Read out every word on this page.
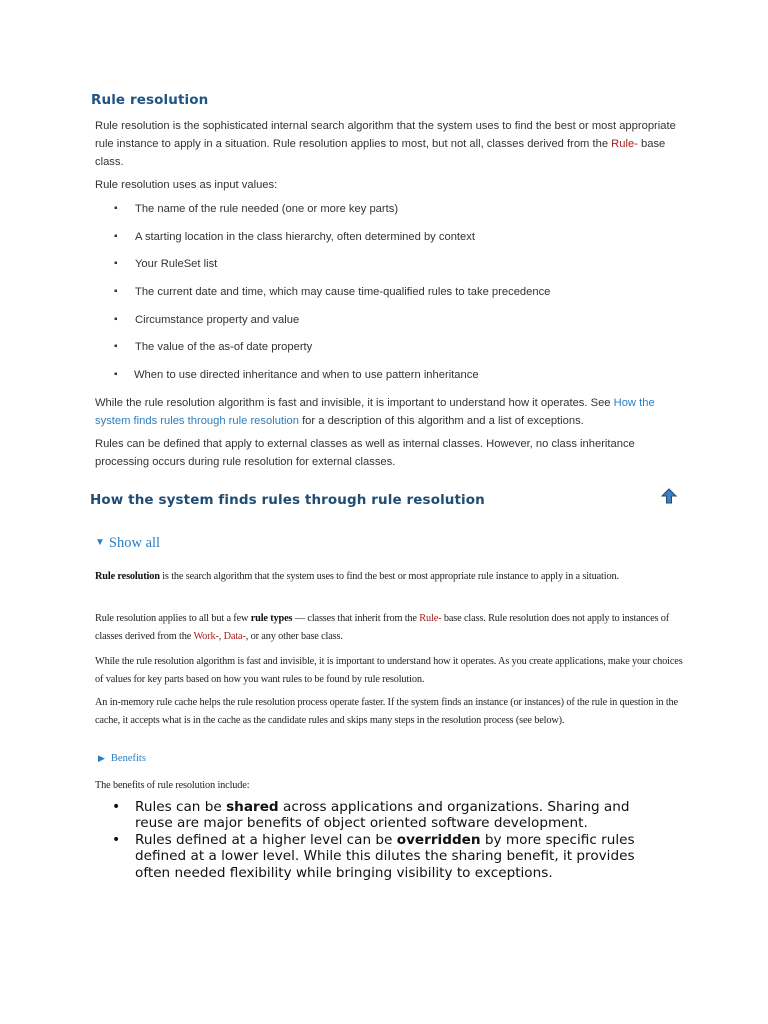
Rule resolution
Rule resolution is the sophisticated internal search algorithm that the system uses to find the best or most appropriate rule instance to apply in a situation. Rule resolution applies to most, but not all, classes derived from the Rule- base class.
Rule resolution uses as input values:
▪ The name of the rule needed (one or more key parts)
▪ A starting location in the class hierarchy, often determined by context
▪ Your RuleSet list
▪ The current date and time, which may cause time-qualified rules to take precedence
▪ Circumstance property and value
▪ The value of the as-of date property
▪ When to use directed inheritance and when to use pattern inheritance
While the rule resolution algorithm is fast and invisible, it is important to understand how it operates. See How the system finds rules through rule resolution for a description of this algorithm and a list of exceptions.
Rules can be defined that apply to external classes as well as internal classes. However, no class inheritance processing occurs during rule resolution for external classes.
How the system finds rules through rule resolution
▼ Show all
Rule resolution is the search algorithm that the system uses to find the best or most appropriate rule instance to apply in a situation.
Rule resolution applies to all but a few rule types — classes that inherit from the Rule- base class. Rule resolution does not apply to instances of classes derived from the Work-, Data-, or any other base class.
While the rule resolution algorithm is fast and invisible, it is important to understand how it operates. As you create applications, make your choices of values for key parts based on how you want rules to be found by rule resolution.
An in-memory rule cache helps the rule resolution process operate faster. If the system finds an instance (or instances) of the rule in question in the cache, it accepts what is in the cache as the candidate rules and skips many steps in the resolution process (see below).
▶ Benefits
The benefits of rule resolution include:
• Rules can be shared across applications and organizations. Sharing and reuse are major benefits of object oriented software development.
• Rules defined at a higher level can be overridden by more specific rules defined at a lower level. While this dilutes the sharing benefit, it provides often needed flexibility while bringing visibility to exceptions.
